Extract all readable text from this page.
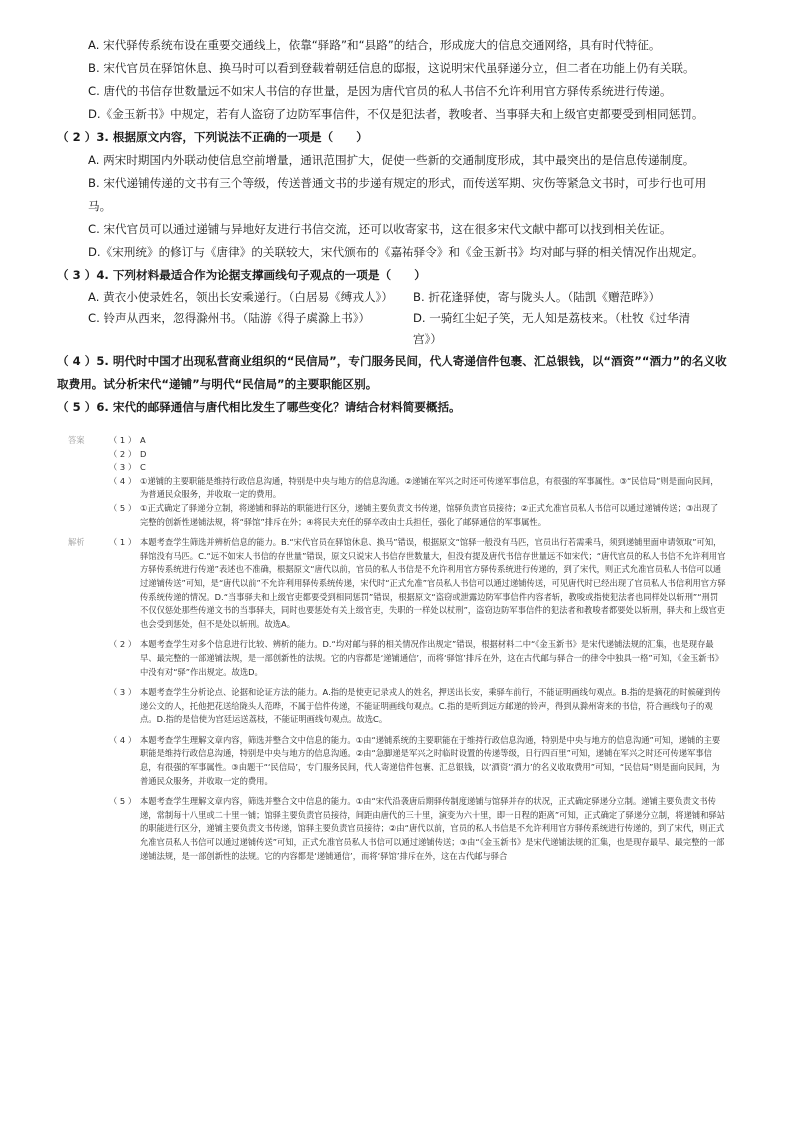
A. 宋代驿传系统布设在重要交通线上，依靠“驿路”和“县路”的结合，形成庞大的信息交通网络，具有时代特征。
B. 宋代官员在驿馆休息、换马时可以看到登载着朝廷信息的邸报，这说明宋代虽驿递分立，但二者在功能上仍有关联。
C. 唐代的书信存世数量远不如宋人书信的存世量，是因为唐代官员的私人书信不允许利用官方驿传系统进行传递。
D.《金玉新书》中规定，若有人盗窃了边防军事信件，不仅是犯法者，教唆者、当事驿夫和上级官吏都要受到相同惩罚。
（ 2 ）3. 根据原文内容，下列说法不正确的一项是（　　）
A. 两宋时期国内外联动使信息空前增量，通讯范围扩大，促使一些新的交通制度形成，其中最突出的是信息传递制度。
B. 宋代递铺传递的文书有三个等级，传送普通文书的步递有规定的形式，而传送军期、灾伤等紧急文书时，可步行也可用马。
C. 宋代官员可以通过递铺与异地好友进行书信交流，还可以收寄家书，这在很多宋代文献中都可以找到相关佐证。
D.《宋刑统》的修订与《唐律》的关联较大，宋代颁布的《嘉祐驿令》和《金玉新书》均对邮与驿的相关情况作出规定。
（ 3 ）4. 下列材料最适合作为论据支撑画线句子观点的一项是（　　）
A. 黄衣小使录姓名，领出长安乘递行。（白居易《缚戎人》）	B. 折花逢驿使，寄与陇头人。（陆凯《赠范晔》）
C. 铃声从西来，忽得滁州书。（陆游《得子虡滁上书》）	D. 一骑红尘妃子笑，无人知是荔枝来。（杜牧《过华清宫》）
（ 4 ）5. 明代时中国才出现私营商业组织的“民信局”，专门服务民间，代人寄递信件包裹、汇总银钱，以“酒资”“酒力”的名义收取费用。试分析宋代“递铺”与明代“民信局”的主要职能区别。
（ 5 ）6. 宋代的邮驿通信与唐代相比发生了哪些变化？请结合材料简要概括。
答案	（ 1 ） A
（ 2 ） D
（ 3 ） C
（ 4 ） ①递铺的主要职能是维持行政信息沟通，特别是中央与地方的信息沟通。②递铺在军兴之时还可传递军事信息，有很强的军事属性。③“民信局”则是面向民间，为普通民众服务，并收取一定的费用。
（ 5 ） ①正式确定了驿递分立制，将递铺和驿站的职能进行区分，递铺主要负责文书传递，馆驿负责官员接待；②正式允准官员私人书信可以通过递铺传送；③出现了完整的创新性递铺法规，将“驿馆”排斥在外；④将民夫充任的驿卒改由士兵担任，强化了邮驿通信的军事属性。
解析	（ 1 ） 本题考查学生筛选并辨析信息的能力。B.“宋代官员在驿馆休息、换马”错误，根据原文“馆驿一般没有马匹，官员出行若需乘马，须到递铺里面申请领取”可知，驿馆没有马匹。C.“远不如宋人书信的存世量”错误，原文只说宋人书信存世数量大，但没有提及唐代书信存世量远不如宋代；“唐代官员的私人书信不允许利用官方驿传系统进行传递”表述也不准确，根据原文“唐代以前，官员的私人书信是不允许利用官方驿传系统进行传递的，到了宋代，则正式允准官员私人书信可以通过递铺传送”可知，是“唐代以前”不允许利用驿传系统传递，宋代时“正式允准”官员私人书信可以通过递铺传送，可见唐代时已经出现了官员私人书信利用官方驿传系统传递的情况。D.“当事驿夫和上级官吏都要受到相同惩罚”错误，根据原文“盗窃或泄露边防军事信件内容者斩，教唆或指使犯法者也同样处以斩刑”“刑罚不仅仅惩处那些传递文书的当事驿夫，同时也要惩处有关上级官吏，失职的一样处以杖刑”，盗窃边防军事信件的犯法者和教唆者都要处以斩刑，驿夫和上级官吏也会受到惩处，但不是处以斩刑。故选A。
（ 2 ） 本题考查学生对多个信息进行比较、辨析的能力。D.“均对邮与驿的相关情况作出规定”错误，根据材料二中“《金玉新书》是宋代递铺法规的汇集，也是现存最早、最完整的一部递铺法规，是一部创新性的法规。它的内容都是‘递铺通信’，而将‘驿馆’排斥在外，这在古代邮与驿合一的律令中独具一格”可知，《金玉新书》中没有对“驿”作出规定。故选D。
（ 3 ） 本题考查学生分析论点、论据和论证方法的能力。A.指的是使吏记录戎人的姓名，押送出长安，乘驿车前行，不能证明画线句观点。B.指的是摘花的时候碰到传递公文的人，托他把花送给陇头人范晔，不属于信件传递，不能证明画线句观点。C.指的是听到远方邮递的铃声，得到从滁州寄来的书信，符合画线句子的观点。D.指的是信使为宫廷运送荔枝，不能证明画线句观点。故选C。
（ 4 ） 本题考查学生理解文章内容，筛选并整合文中信息的能力。①由“递铺系统的主要职能在于维持行政信息沟通，特别是中央与地方的信息沟通”可知，递铺的主要职能是维持行政信息沟通，特别是中央与地方的信息沟通。②由“急脚递是军兴之时临时设置的传递等级，日行四百里”可知，递铺在军兴之时还可传递军事信息，有很强的军事属性。③由题干“‘民信局’，专门服务民间，代人寄递信件包裹、汇总银钱，以‘酒资’‘酒力’的名义收取费用”可知，“民信局”则是面向民间，为普通民众服务，并收取一定的费用。
（ 5 ） 本题考查学生理解文章内容，筛选并整合文中信息的能力。①由“宋代沿袭唐后期驿传制度递铺与馆驿并存的状况，正式确定驿递分立制。递铺主要负责文书传递，常制每十八里或二十里一铺；馆驿主要负责官员接待，间距由唐代的三十里，演变为六十里，即一日程的距离”可知，正式确定了驿递分立制，将递铺和驿站的职能进行区分，递铺主要负责文书传递，馆驿主要负责官员接待；②由“唐代以前，官员的私人书信是不允许利用官方驿传系统进行传递的，到了宋代，则正式允准官员私人书信可以通过递铺传送”可知，正式允准官员私人书信可以通过递铺传送；③由“《金玉新书》是宋代递铺法规的汇集，也是现存最早、最完整的一部递铺法规，是一部创新性的法规。它的内容都是‘递铺通信’，而将‘驿馆’排斥在外，这在古代邮与驿合
